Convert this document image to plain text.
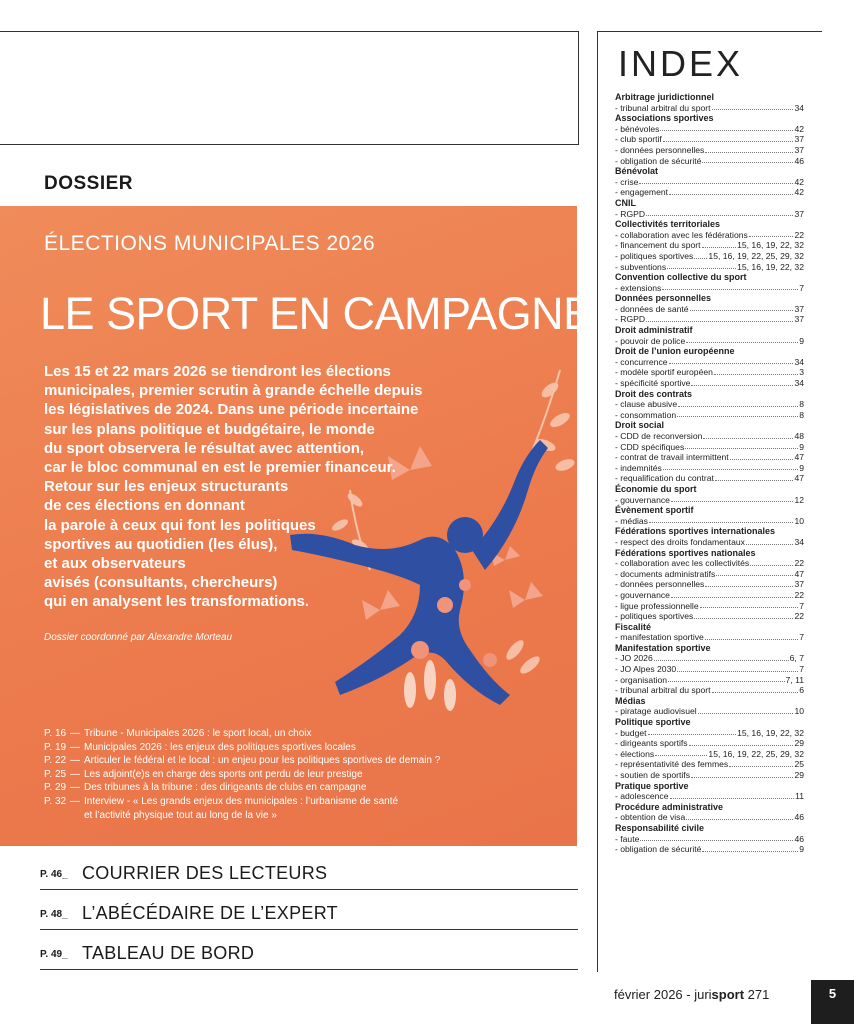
DOSSIER
ÉLECTIONS MUNICIPALES 2026
LE SPORT EN CAMPAGNE
Les 15 et 22 mars 2026 se tiendront les élections
municipales, premier scrutin à grande échelle depuis
les législatives de 2024. Dans une période incertaine
sur les plans politique et budgétaire, le monde
du sport observera le résultat avec attention,
car le bloc communal en est le premier financeur.
Retour sur les enjeux structurants
de ces élections en donnant
la parole à ceux qui font les politiques
sportives au quotidien (les élus),
et aux observateurs
avisés (consultants, chercheurs)
qui en analysent les transformations.
Dossier coordonné par Alexandre Morteau
P. 16 — Tribune - Municipales 2026 : le sport local, un choix
P. 19 — Municipales 2026 : les enjeux des politiques sportives locales
P. 22 — Articuler le fédéral et le local : un enjeu pour les politiques sportives de demain ?
P. 25 — Les adjoint(e)s en charge des sports ont perdu de leur prestige
P. 29 — Des tribunes à la tribune : des dirigeants de clubs en campagne
P. 32 — Interview - « Les grands enjeux des municipales : l’urbanisme de santé
et l’activité physique tout au long de la vie »
P. 46_ COURRIER DES LECTEURS
P. 48_ L’ABÉCÉDAIRE DE L’EXPERT
P. 49_ TABLEAU DE BORD
INDEX
Arbitrage juridictionnel
- tribunal arbitral du sport	34
Associations sportives
- bénévoles	42
- club sportif	37
- données personnelles	37
- obligation de sécurité	46
Bénévolat
- crise	42
- engagement	42
CNIL
- RGPD	37
Collectivités territoriales
- collaboration avec les fédérations	22
- financement du sport	15, 16, 19, 22, 32
- politiques sportives 15, 16, 19, 22, 25, 29, 32
- subventions	15, 16, 19, 22, 32
Convention collective du sport
- extensions	7
Données personnelles
- données de santé	37
- RGPD	37
Droit administratif
- pouvoir de police	9
Droit de l’union européenne
- concurrence	34
- modèle sportif européen	3
- spécificité sportive	34
Droit des contrats
- clause abusive	8
- consommation	8
Droit social
- CDD de reconversion	48
- CDD spécifiques	9
- contrat de travail intermittent	47
- indemnités	9
- requalification du contrat	47
Économie du sport
- gouvernance	12
Évènement sportif
- médias	10
Fédérations sportives internationales
- respect des droits fondamentaux	34
Fédérations sportives nationales
- collaboration avec les collectivités	22
- documents administratifs	47
- données personnelles	37
- gouvernance	22
- ligue professionnelle	7
- politiques sportives	22
Fiscalité
- manifestation sportive	7
Manifestation sportive
- JO 2026	6, 7
- JO Alpes 2030	7
- organisation	7, 11
- tribunal arbitral du sport	6
Médias
- piratage audiovisuel	10
Politique sportive
- budget	15, 16, 19, 22, 32
- dirigeants sportifs	29
- élections	15, 16, 19, 22, 25, 29, 32
- représentativité des femmes	25
- soutien de sportifs	29
Pratique sportive
- adolescence	11
Procédure administrative
- obtention de visa	46
Responsabilité civile
- faute	46
- obligation de sécurité	9
février 2026 - jurisport 271	5
